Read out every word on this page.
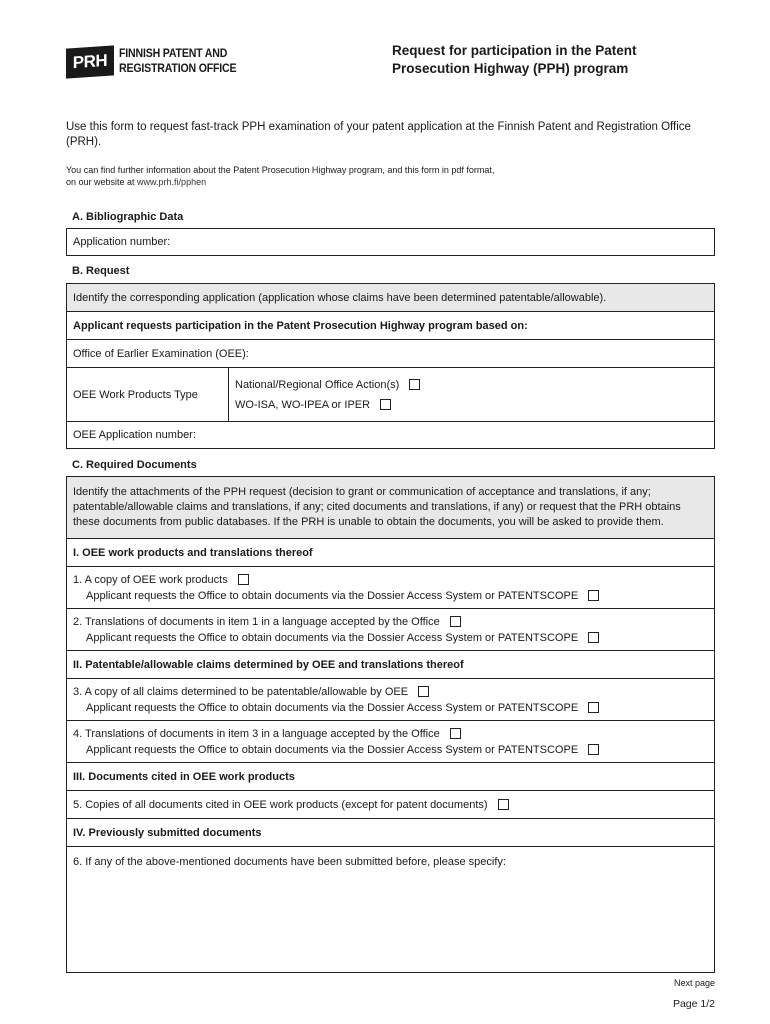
PRH	FINNISH PATENT AND
REGISTRATION OFFICE
Request for participation in the Patent
Prosecution Highway (PPH) program
Use this form to request fast-track PPH examination of your patent application at the Finnish Patent and Registration Office (PRH).
You can find further information about the Patent Prosecution Highway program, and this form in pdf format,
on our website at www.prh.fi/pphen
A. Bibliographic Data
Application number:
B. Request
Identify the corresponding application (application whose claims have been determined patentable/allowable).
Applicant requests participation in the Patent Prosecution Highway program based on:
Office of Earlier Examination (OEE):
OEE Work Products Type
National/Regional Office Action(s)
WO-ISA, WO-IPEA or IPER
OEE Application number:
C. Required Documents
Identify the attachments of the PPH request (decision to grant or communication of acceptance and translations, if any; patentable/allowable claims and translations, if any; cited documents and translations, if any) or request that the PRH obtains these documents from public databases. If the PRH is unable to obtain the documents, you will be asked to provide them.
I. OEE work products and translations thereof
1. A copy of OEE work products
Applicant requests the Office to obtain documents via the Dossier Access System or PATENTSCOPE
2. Translations of documents in item 1 in a language accepted by the Office
Applicant requests the Office to obtain documents via the Dossier Access System or PATENTSCOPE
II. Patentable/allowable claims determined by OEE and translations thereof
3. A copy of all claims determined to be patentable/allowable by OEE
Applicant requests the Office to obtain documents via the Dossier Access System or PATENTSCOPE
4. Translations of documents in item 3 in a language accepted by the Office
Applicant requests the Office to obtain documents via the Dossier Access System or PATENTSCOPE
III. Documents cited in OEE work products
5. Copies of all documents cited in OEE work products (except for patent documents)
IV. Previously submitted documents
6. If any of the above-mentioned documents have been submitted before, please specify:
Next page
Page 1/2
